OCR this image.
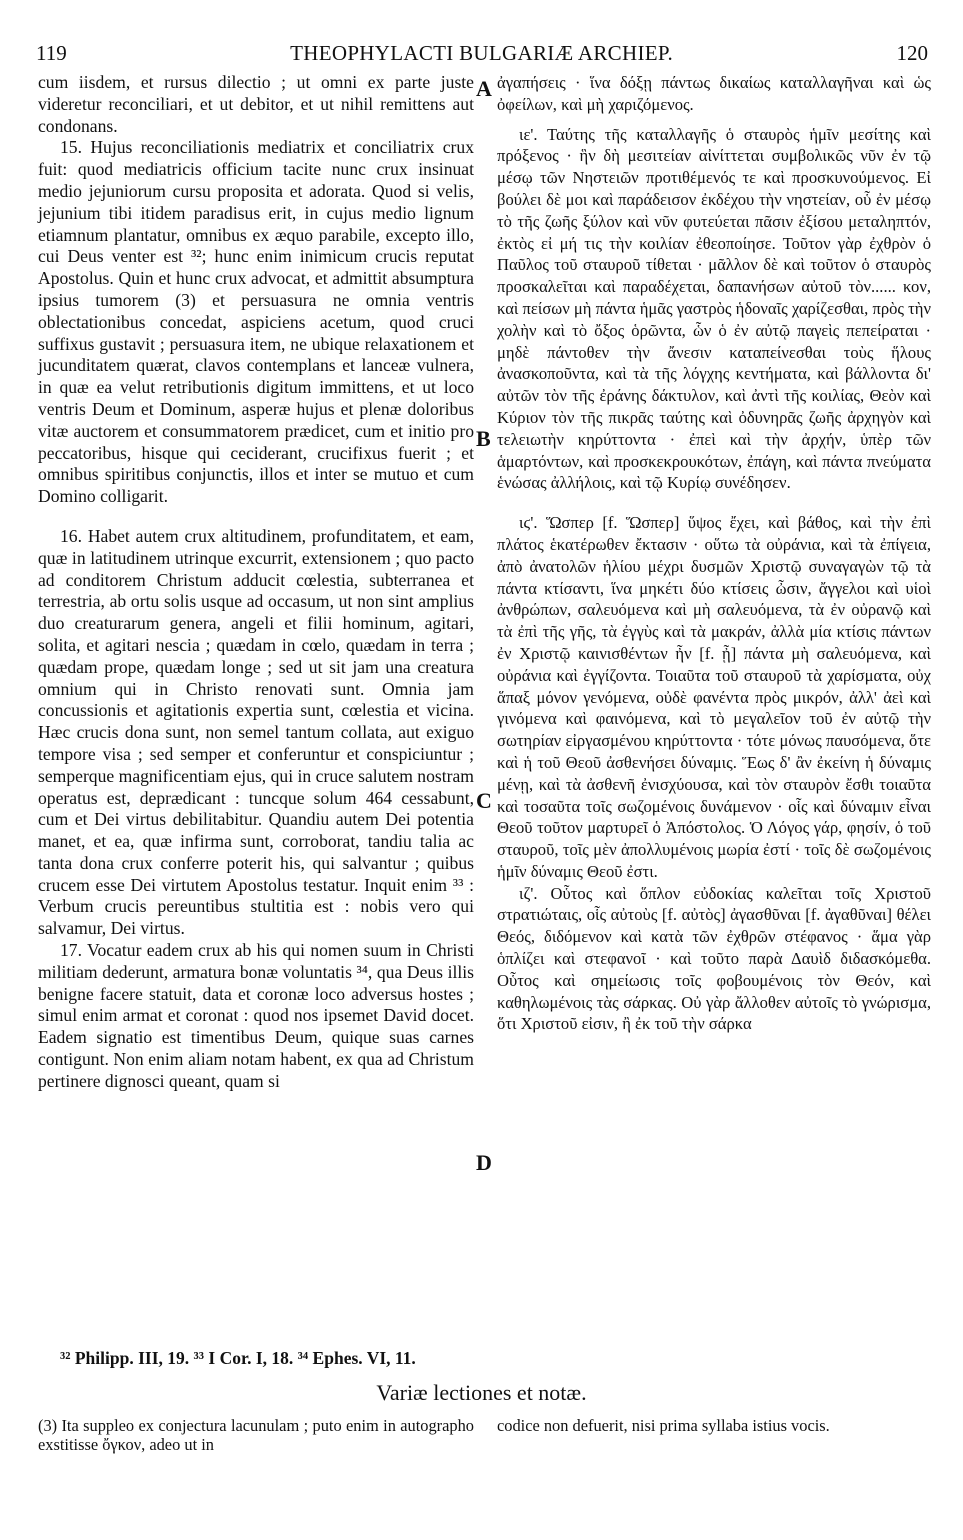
119	THEOPHYLACTI BULGARIÆ ARCHIEP.	120

cum iisdem, et rursus dilectio ; ut omni ex parte juste videretur reconciliari, et ut debitor, et ut nihil remittens aut condonans.

15. Hujus reconciliationis mediatrix et conciliatrix crux fuit: quod mediatricis officium tacite nunc crux insinuat medio jejuniorum cursu proposita et adorata. Quod si velis, jejunium tibi itidem paradisus erit, in cujus medio lignum etiamnum plantatur, omnibus ex æquo parabile, excepto illo, cui Deus venter est ³²; hunc enim inimicum crucis reputat Apostolus. Quin et hunc crux advocat, et admittit absumptura ipsius tumorem (3) et persuasura ne omnia ventris oblectationibus concedat, aspiciens acetum, quod cruci suffixus gustavit ; persuasura item, ne ubique relaxationem et jucunditatem quærat, clavos contemplans et lanceæ vulnera, in quæ ea velut retributionis digitum immittens, et ut loco ventris Deum et Dominum, asperæ hujus et plenæ doloribus vitæ auctorem et consummatorem prædicet, cum et initio pro peccatoribus, hisque qui ceciderant, crucifixus fuerit ; et omnibus spiritibus conjunctis, illos et inter se mutuo et cum Domino colligarit.

16. Habet autem crux altitudinem, profunditatem, et eam, quæ in latitudinem utrinque excurrit, extensionem ; quo pacto ad conditorem Christum adducit cœlestia, subterranea et terrestria, ab ortu solis usque ad occasum, ut non sint amplius duo creaturarum genera, angeli et filii hominum, agitari, solita, et agitari nescia ; quædam in cœlo, quædam in terra ; quædam prope, quædam longe ; sed ut sit jam una creatura omnium qui in Christo renovati sunt. Omnia jam concussionis et agitationis expertia sunt, cœlestia et vicina. Hæc crucis dona sunt, non semel tantum collata, aut exiguo tempore visa ; sed semper et conferuntur et conspiciuntur ; semperque magnificentiam ejus, qui in cruce salutem nostram operatus est, deprædicant : tuncque solum 464 cessabunt, cum et Dei virtus debilitabitur. Quandiu autem Dei potentia manet, et ea, quæ infirma sunt, corroborat, tandiu talia ac tanta dona crux conferre poterit his, qui salvantur ; quibus crucem esse Dei virtutem Apostolus testatur. Inquit enim ³³ : Verbum crucis pereuntibus stultitia est : nobis vero qui salvamur, Dei virtus.

17. Vocatur eadem crux ab his qui nomen suum in Christi militiam dederunt, armatura bonæ voluntatis ³⁴, qua Deus illis benigne facere statuit, data et coronæ loco adversus hostes ; simul enim armat et coronat : quod nos ipsemet David docet. Eadem signatio est timentibus Deum, quique suas carnes contigunt. Non enim aliam notam habent, ex qua ad Christum pertinere dignosci queant, quam si

A
B
C
D

ἀγαπήσεις · ἵνα δόξῃ πάντως δικαίως καταλλαγῆναι καὶ ὡς ὀφείλων, καὶ μὴ χαριζόμενος.

ιε'. Ταύτης τῆς καταλλαγῆς ὁ σταυρὸς ἡμῖν μεσίτης καὶ πρόξενος · ἣν δὴ μεσιτείαν αἰνίττεται συμβολικῶς νῦν ἐν τῷ μέσῳ τῶν Νηστειῶν προτιθέμενός τε καὶ προσκυνούμενος. Εἰ βούλει δὲ μοι καὶ παράδεισον ἐκδέχου τὴν νηστείαν, οὗ ἐν μέσῳ τὸ τῆς ζωῆς ξύλον καὶ νῦν φυτεύεται πᾶσιν ἐξίσου μεταληπτόν, ἐκτὸς εἰ μή τις τὴν κοιλίαν ἐθεοποίησε. Τοῦτον γὰρ ἐχθρὸν ὁ Παῦλος τοῦ σταυροῦ τίθεται · μᾶλλον δὲ καὶ τοῦτον ὁ σταυρὸς προσκαλεῖται καὶ παραδέχεται, δαπανήσων αὐτοῦ τὸν...... κον, καὶ πείσων μὴ πάντα ἡμᾶς γαστρὸς ἡδοναῖς χαρίζεσθαι, πρὸς τὴν χολὴν καὶ τὸ ὄξος ὁρῶντα, ὧν ὁ ἐν αὐτῷ παγεὶς πεπείραται · μηδὲ πάντοθεν τὴν ἄνεσιν καταπείνεσθαι τοὺς ἥλους ἀνασκοποῦντα, καὶ τὰ τῆς λόγχης κεντήματα, καὶ βάλλοντα δι' αὐτῶν τὸν τῆς ἐράνης δάκτυλον, καὶ ἀντὶ τῆς κοιλίας, Θεὸν καὶ Κύριον τὸν τῆς πικρᾶς ταύτης καὶ ὀδυνηρᾶς ζωῆς ἀρχηγὸν καὶ τελειωτὴν κηρύττοντα · ἐπεὶ καὶ τὴν ἀρχήν, ὑπὲρ τῶν ἁμαρτόντων, καὶ προσκεκρουκότων, ἐπάγη, καὶ πάντα πνεύματα ἑνώσας ἀλλήλοις, καὶ τῷ Κυρίῳ συνέδησεν.

ιϛ'. Ὥσπερ [f. Ὥσπερ] ὕψος ἔχει, καὶ βάθος, καὶ τὴν ἐπὶ πλάτος ἑκατέρωθεν ἔκτασιν · οὕτω τὰ οὐράνια, καὶ τὰ ἐπίγεια, ἀπὸ ἀνατολῶν ἡλίου μέχρι δυσμῶν Χριστῷ συναγαγὼν τῷ τὰ πάντα κτίσαντι, ἵνα μηκέτι δύο κτίσεις ὦσιν, ἄγγελοι καὶ υἱοὶ ἀνθρώπων, σαλευόμενα καὶ μὴ σαλευόμενα, τὰ ἐν οὐρανῷ καὶ τὰ ἐπὶ τῆς γῆς, τὰ ἐγγὺς καὶ τὰ μακράν, ἀλλὰ μία κτίσις πάντων ἐν Χριστῷ καινισθέντων ἦν [f. ᾖ] πάντα μὴ σαλευόμενα, καὶ οὐράνια καὶ ἐγγίζοντα. Τοιαῦτα τοῦ σταυροῦ τὰ χαρίσματα, οὐχ ἅπαξ μόνον γενόμενα, οὐδὲ φανέντα πρὸς μικρόν, ἀλλ' ἀεὶ καὶ γινόμενα καὶ φαινόμενα, καὶ τὸ μεγαλεῖον τοῦ ἐν αὐτῷ τὴν σωτηρίαν εἰργασμένου κηρύττοντα · τότε μόνως παυσόμενα, ὅτε καὶ ἡ τοῦ Θεοῦ ἀσθενήσει δύναμις. Ἕως δ' ἂν ἐκείνη ἡ δύναμις μένῃ, καὶ τὰ ἀσθενῆ ἐνισχύουσα, καὶ τὸν σταυρὸν ἔσθι τοιαῦτα καὶ τοσαῦτα τοῖς σωζομένοις δυνάμενον · οἷς καὶ δύναμιν εἶναι Θεοῦ τοῦτον μαρτυρεῖ ὁ Ἀπόστολος. Ὁ Λόγος γάρ, φησίν, ὁ τοῦ σταυροῦ, τοῖς μὲν ἀπολλυμένοις μωρία ἐστί · τοῖς δὲ σωζομένοις ἡμῖν δύναμις Θεοῦ ἐστι.

ιζ'. Οὗτος καὶ ὅπλον εὐδοκίας καλεῖται τοῖς Χριστοῦ στρατιώταις, οἷς αὐτοὺς [f. αὐτὸς] ἀγασθῦναι [f. ἀγαθῦναι] θέλει Θεός, διδόμενον καὶ κατὰ τῶν ἐχθρῶν στέφανος · ἅμα γὰρ ὁπλίζει καὶ στεφανοῖ · καὶ τοῦτο παρὰ Δαυὶδ διδασκόμεθα. Οὗτος καὶ σημείωσις τοῖς φοβουμένοις τὸν Θεόν, καὶ καθηλωμένοις τὰς σάρκας. Οὐ γὰρ ἄλλοθεν αὐτοῖς τὸ γνώρισμα, ὅτι Χριστοῦ εἰσιν, ἢ ἐκ τοῦ τὴν σάρκα

³² Philipp. III, 19. ³³ I Cor. I, 18. ³⁴ Ephes. VI, 11.
Variæ lectiones et notæ.
(3) Ita suppleo ex conjectura lacunulam ; puto enim in autographo exstitisse ὄγκον, adeo ut in
codice non defuerit, nisi prima syllaba istius vocis.
